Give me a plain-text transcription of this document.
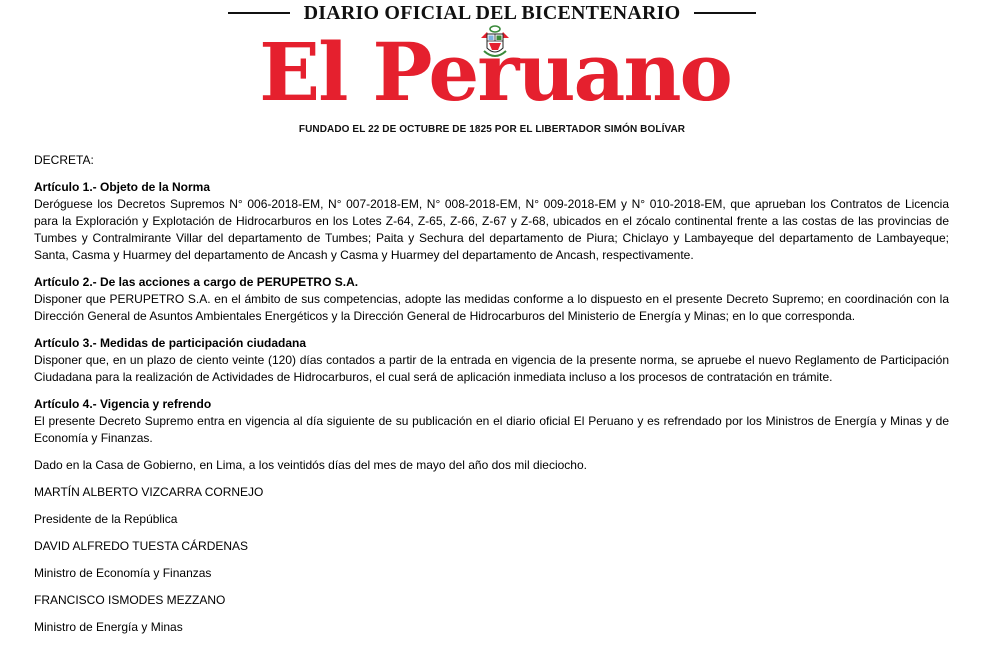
DIARIO OFICIAL DEL BICENTENARIO
El Peruano
FUNDADO EL 22 DE OCTUBRE DE 1825 POR EL LIBERTADOR SIMÓN BOLÍVAR

DECRETA:

Artículo 1.- Objeto de la Norma
Deróguese los Decretos Supremos N° 006-2018-EM, N° 007-2018-EM, N° 008-2018-EM, N° 009-2018-EM y N° 010-2018-EM, que aprueban los Contratos de Licencia para la Exploración y Explotación de Hidrocarburos en los Lotes Z-64, Z-65, Z-66, Z-67 y Z-68, ubicados en el zócalo continental frente a las costas de las provincias de Tumbes y Contralmirante Villar del departamento de Tumbes; Paita y Sechura del departamento de Piura; Chiclayo y Lambayeque del departamento de Lambayeque; Santa, Casma y Huarmey del departamento de Ancash y Casma y Huarmey del departamento de Ancash, respectivamente.

Artículo 2.- De las acciones a cargo de PERUPETRO S.A.
Disponer que PERUPETRO S.A. en el ámbito de sus competencias, adopte las medidas conforme a lo dispuesto en el presente Decreto Supremo; en coordinación con la Dirección General de Asuntos Ambientales Energéticos y la Dirección General de Hidrocarburos del Ministerio de Energía y Minas; en lo que corresponda.

Artículo 3.- Medidas de participación ciudadana
Disponer que, en un plazo de ciento veinte (120) días contados a partir de la entrada en vigencia de la presente norma, se apruebe el nuevo Reglamento de Participación Ciudadana para la realización de Actividades de Hidrocarburos, el cual será de aplicación inmediata incluso a los procesos de contratación en trámite.

Artículo 4.- Vigencia y refrendo
El presente Decreto Supremo entra en vigencia al día siguiente de su publicación en el diario oficial El Peruano y es refrendado por los Ministros de Energía y Minas y de Economía y Finanzas.

Dado en la Casa de Gobierno, en Lima, a los veintidós días del mes de mayo del año dos mil dieciocho.

MARTÍN ALBERTO VIZCARRA CORNEJO

Presidente de la República

DAVID ALFREDO TUESTA CÁRDENAS

Ministro de Economía y Finanzas

FRANCISCO ISMODES MEZZANO

Ministro de Energía y Minas
